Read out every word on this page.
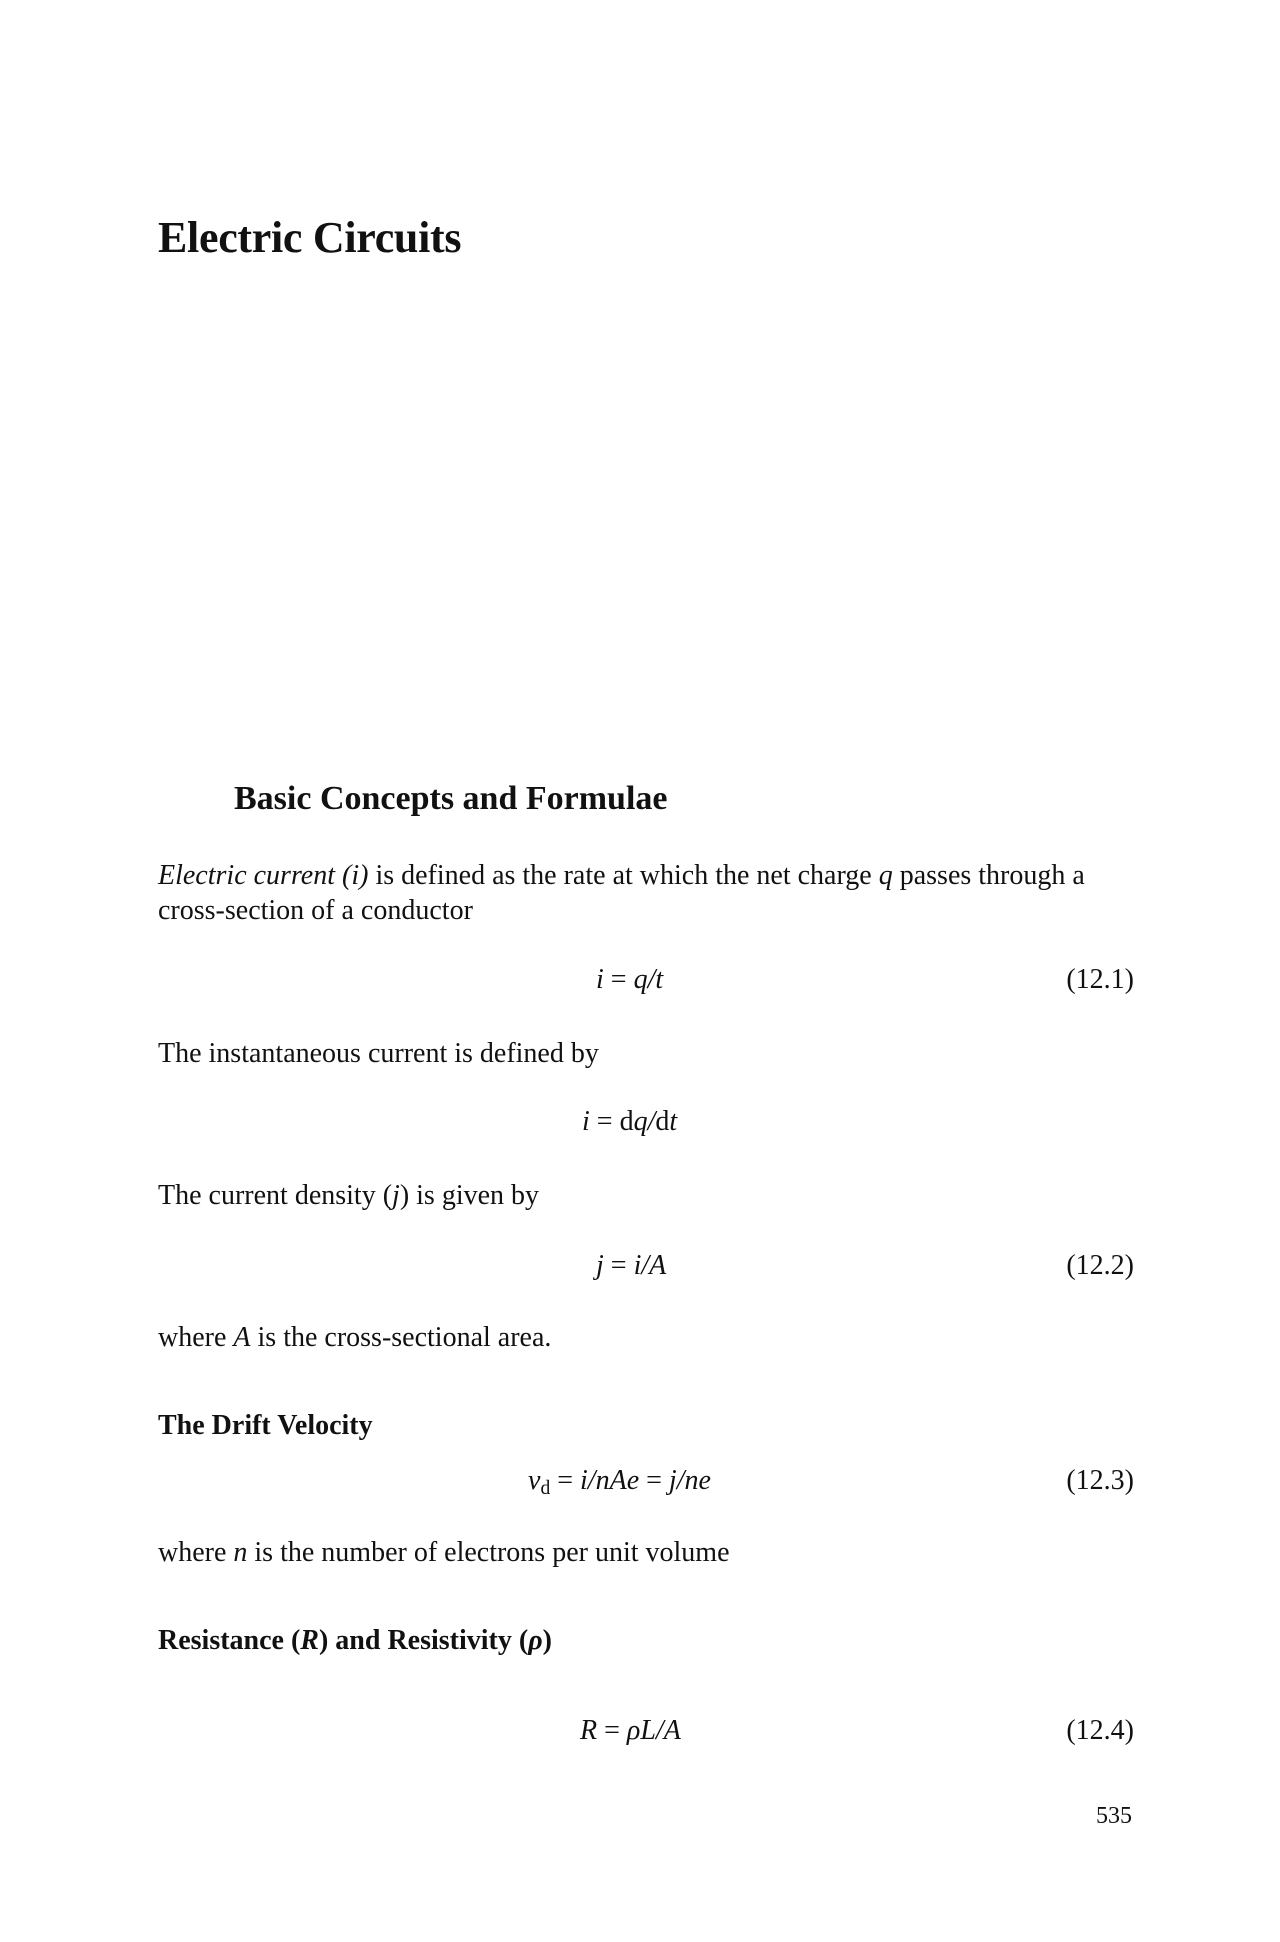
Electric Circuits
Basic Concepts and Formulae
Electric current (i) is defined as the rate at which the net charge q passes through a cross-section of a conductor
i = q/t	(12.1)
The instantaneous current is defined by
i = dq/dt
The current density (j) is given by
j = i/A	(12.2)
where A is the cross-sectional area.
The Drift Velocity
$v_d = i/nAe = j/ne$	(12.3)
where n is the number of electrons per unit volume
Resistance (R) and Resistivity (ρ)
R = ρL/A	(12.4)
535
